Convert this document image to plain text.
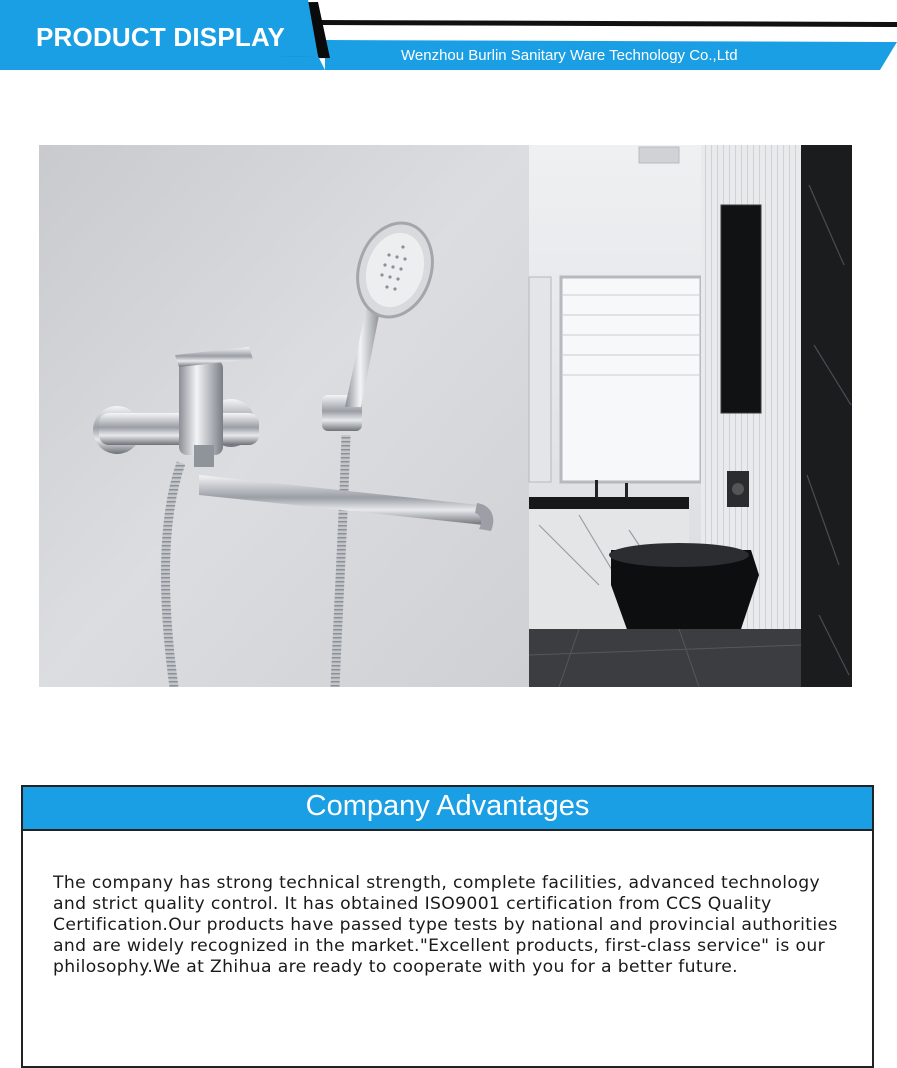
PRODUCT DISPLAY
Wenzhou Burlin Sanitary Ware Technology Co.,Ltd
Company Advantages
The company has strong technical strength, complete facilities, advanced technology and strict quality control. It has obtained ISO9001 certification from CCS Quality Certification.Our products have passed type tests by national and provincial authorities and are widely recognized in the market."Excellent products, first-class service" is our philosophy.We at Zhihua are ready to cooperate with you for a better future.
